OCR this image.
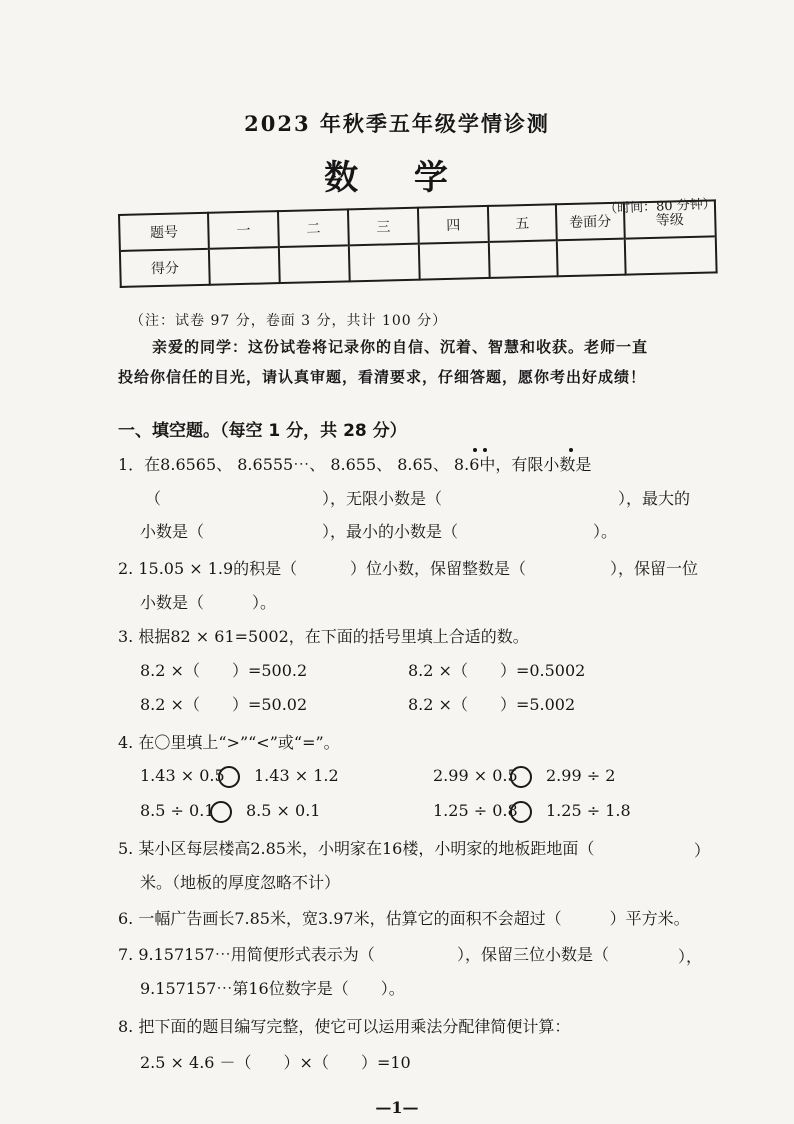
2023 年秋季五年级学情诊测
数 学
（时间：80 分钟）
题号	一	二	三	四	五	卷面分	等级
得分							
（注：试卷 97 分，卷面 3 分，共计 100 分）
亲爱的同学：这份试卷将记录你的自信、沉着、智慧和收获。老师一直
投给你信任的目光，请认真审题，看清要求，仔细答题，愿你考出好成绩！
一、填空题。（每空 1 分，共 28 分）
1．在8.6565、 8.6555⋯、 8.655、 8.65、 8.6中，有限小数是
（	），无限小数是（	），最大的
小数是（	），最小的小数是（	）。
2. 15.05 × 1.9的积是（	）位小数，保留整数是（	），保留一位
小数是（　　　）。
3. 根据82 × 61=5002，在下面的括号里填上合适的数。
8.2 ×（　　）=500.2	8.2 ×（　　）=0.5002
8.2 ×（　　）=50.02	8.2 ×（　　）=5.002
4. 在〇里填上“>”“<”或“=”。
1.43 × 0.5 1.43 × 1.2	2.99 × 0.5 2.99 ÷ 2
8.5 ÷ 0.1 8.5 × 0.1	1.25 ÷ 0.8 1.25 ÷ 1.8
5. 某小区每层楼高2.85米，小明家在16楼，小明家的地板距地面（	）
米。（地板的厚度忽略不计）
6. 一幅广告画长7.85米，宽3.97米，估算它的面积不会超过（　　　）平方米。
7. 9.157157⋯用简便形式表示为（	），保留三位小数是（	），
9.157157⋯第16位数字是（　　）。
8. 把下面的题目编写完整，使它可以运用乘法分配律简便计算：
2.5 × 4.6 －（　　）×（　　）=10
—1—
